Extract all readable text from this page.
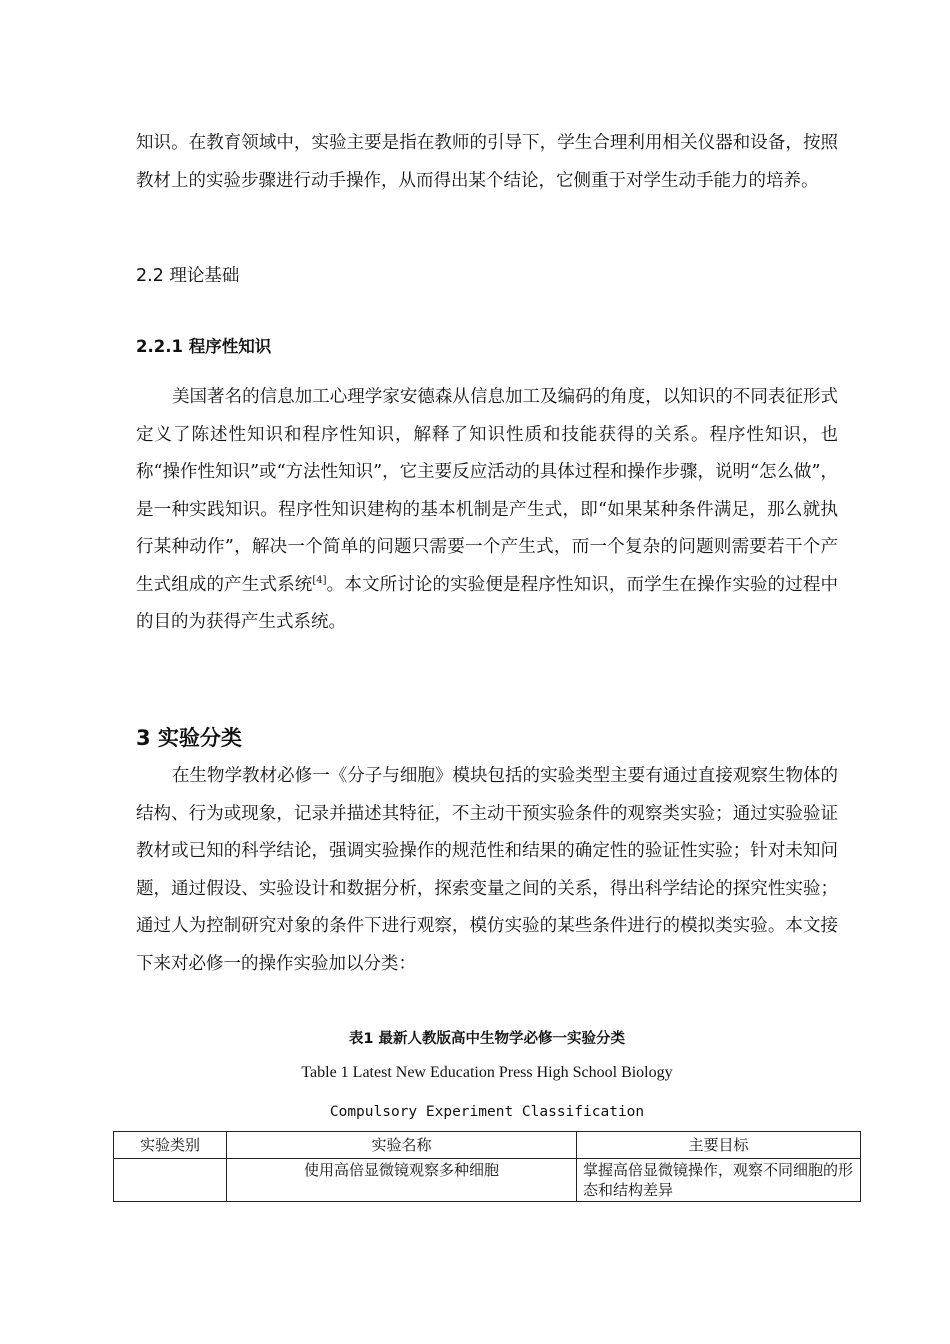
知识。在教育领域中，实验主要是指在教师的引导下，学生合理利用相关仪器和设备，按照教材上的实验步骤进行动手操作，从而得出某个结论，它侧重于对学生动手能力的培养。

2.2 理论基础
2.2.1 程序性知识

美国著名的信息加工心理学家安德森从信息加工及编码的角度，以知识的不同表征形式定义了陈述性知识和程序性知识，解释了知识性质和技能获得的关系。程序性知识，也称“操作性知识”或“方法性知识”，它主要反应活动的具体过程和操作步骤，说明“怎么做”，是一种实践知识。程序性知识建构的基本机制是产生式，即“如果某种条件满足，那么就执行某种动作”，解决一个简单的问题只需要一个产生式，而一个复杂的问题则需要若干个产生式组成的产生式系统[4]。本文所讨论的实验便是程序性知识，而学生在操作实验的过程中的目的为获得产生式系统。

3 实验分类

在生物学教材必修一《分子与细胞》模块包括的实验类型主要有通过直接观察生物体的结构、行为或现象，记录并描述其特征，不主动干预实验条件的观察类实验；通过实验验证教材或已知的科学结论，强调实验操作的规范性和结果的确定性的验证性实验；针对未知问题，通过假设、实验设计和数据分析，探索变量之间的关系，得出科学结论的探究性实验；通过人为控制研究对象的条件下进行观察，模仿实验的某些条件进行的模拟类实验。本文接下来对必修一的操作实验加以分类：

表1 最新人教版高中生物学必修一实验分类

Table 1 Latest New Education Press High School Biology

Compulsory Experiment Classification

实验类别	实验名称	主要目标
	使用高倍显微镜观察多种细胞	掌握高倍显微镜操作，观察不同细胞的形态和结构差异
